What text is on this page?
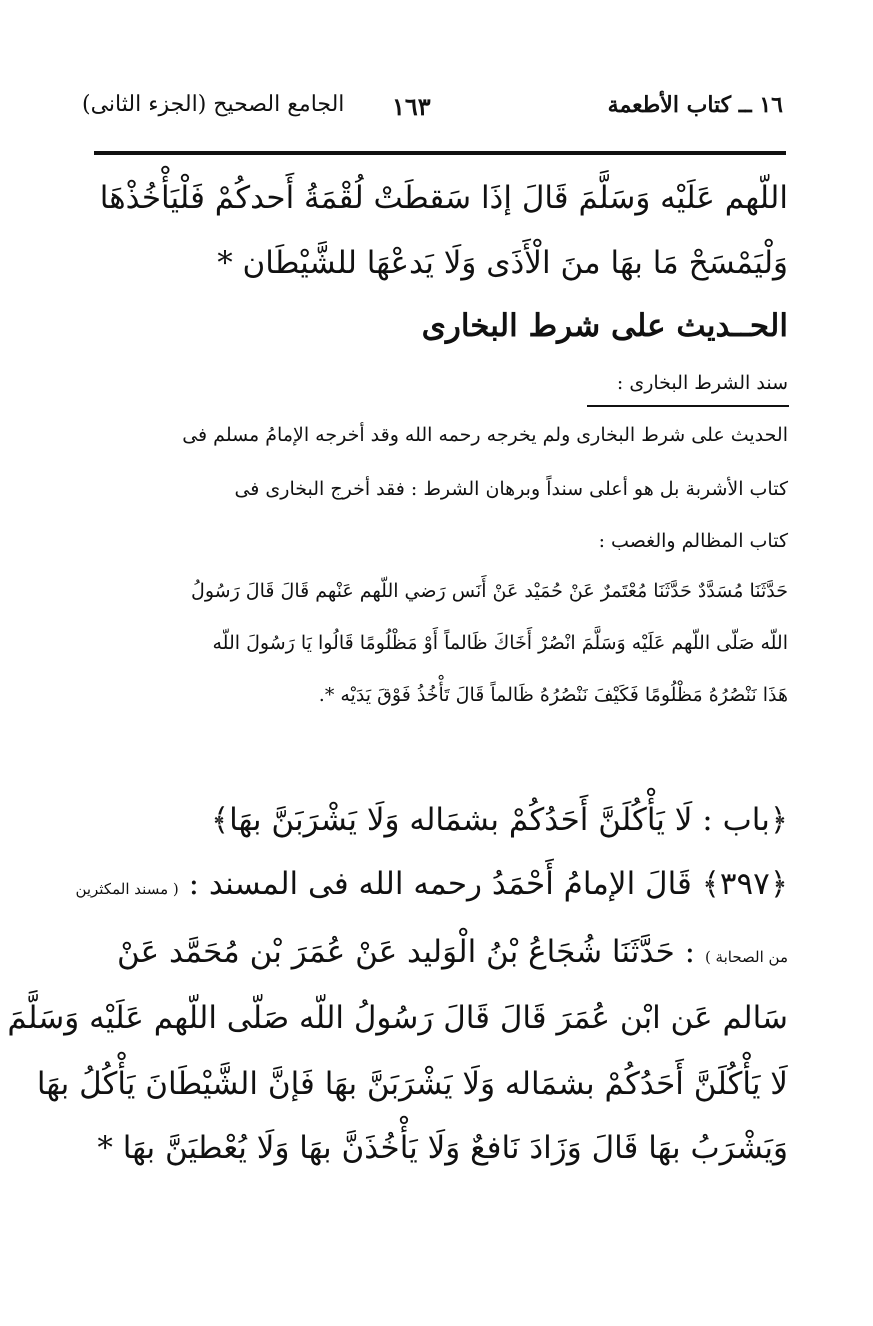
الجامع الصحيح (الجزء الثانى) ١٦٣	١٦ ــ كتاب الأطعمة
اللّهم عَلَيْه وَسَلَّمَ قَالَ إذَا سَقطَتْ لُقْمَةُ أَحدكُمْ فَلْيَأْخُذْهَا
وَلْيَمْسَحْ مَا بهَا منَ الْأَذَى وَلَا يَدعْهَا للشَّيْطَان *
الحــديث على شرط البخارى
سند الشرط البخارى :
الحديث على شرط البخارى ولم يخرجه رحمه الله وقد أخرجه الإمامُ مسلم فى
كتاب الأشربة بل هو أعلى سنداً وبرهان الشرط : فقد أخرج البخارى فى
كتاب المظالم والغصب :
حَدَّثَنَا مُسَدَّدٌ حَدَّثَنَا مُعْتَمرٌ عَنْ حُمَيْد عَنْ أَنَس رَضي اللّهم عَنْهم قَالَ قَالَ رَسُولُ
اللّه صَلّى اللّهم عَلَيْه وَسَلَّمَ انْصُرْ أَخَاكَ ظَالماً أَوْ مَظْلُومًا قَالُوا يَا رَسُولَ اللّه
هَذَا نَنْصُرُهُ مَظْلُومًا فَكَيْفَ نَنْصُرُهُ ظَالماً قَالَ تَأْخُذُ فَوْقَ يَدَيْه *.
﴿باب : لَا يَأْكُلَنَّ أَحَدُكُمْ بشمَاله وَلَا يَشْرَبَنَّ بهَا﴾
﴿٣٩٧﴾ قَالَ الإمامُ أَحْمَدُ رحمه الله فى المسند : ( مسند المكثرين
من الصحابة ) : حَدَّثَنَا شُجَاعُ بْنُ الْوَليد عَنْ عُمَرَ بْن مُحَمَّد عَنْ
سَالم عَن ابْن عُمَرَ قَالَ قَالَ رَسُولُ اللّه صَلّى اللّهم عَلَيْه وَسَلَّمَ
لَا يَأْكُلَنَّ أَحَدُكُمْ بشمَاله وَلَا يَشْرَبَنَّ بهَا فَإنَّ الشَّيْطَانَ يَأْكُلُ بهَا
وَيَشْرَبُ بهَا قَالَ وَزَادَ نَافعٌ وَلَا يَأْخُذَنَّ بهَا وَلَا يُعْطيَنَّ بهَا *
